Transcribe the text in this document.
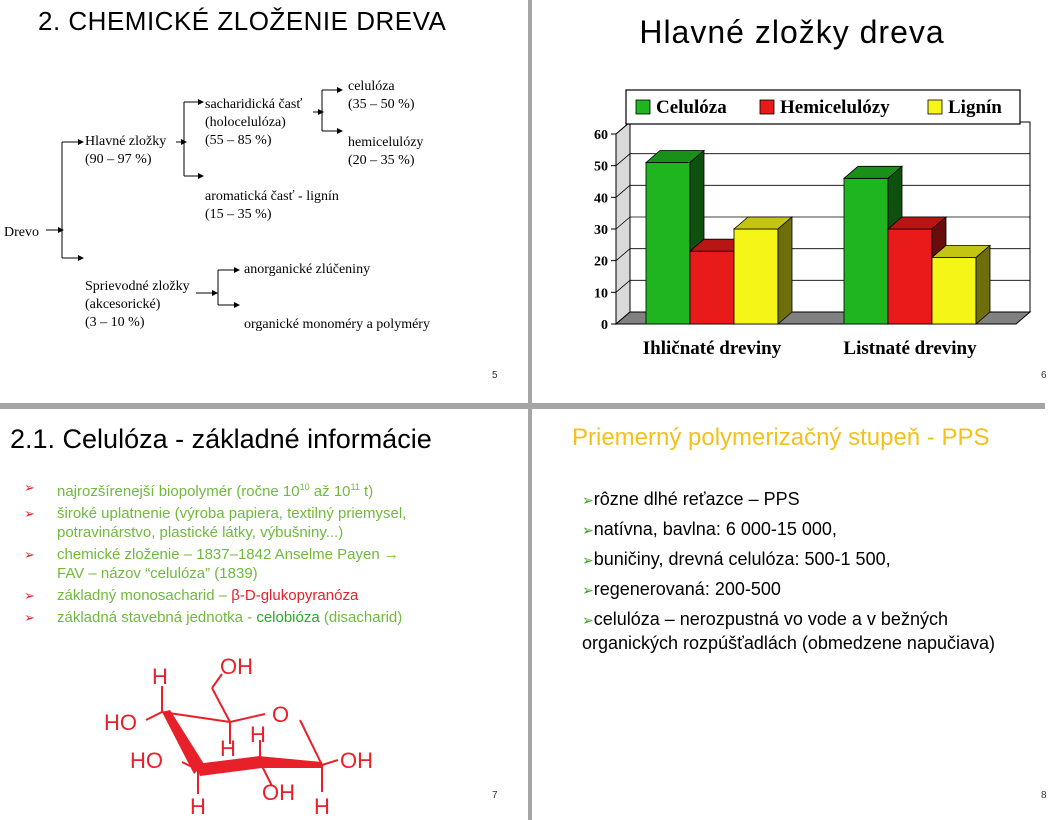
2. CHEMICKÉ ZLOŽENIE DREVA
Drevo
Hlavné zložky
(90 – 97 %)
sacharidická časť
(holocelulóza)
(55 – 85 %)
celulóza
(35 – 50 %)
hemicelulózy
(20 – 35 %)
aromatická časť - lignín
(15 – 35 %)
Sprievodné zložky
(akcesorické)
(3 – 10 %)
anorganické zlúčeniny
organické monoméry a polyméry
5
Hlavné zložky dreva
0
10
20
30
40
50
60
Ihličnaté dreviny	Listnaté dreviny
Celulóza	Hemicelulózy	Lignín
6
2.1. Celulóza - základné informácie
➢ najrozšírenejší biopolymér (ročne $10^{10}$ až $10^{11}$ t)
➢ široké uplatnenie (výroba papiera, textilný priemysel,
potravinárstvo, plastické látky, výbušniny...)
➢ chemické zloženie – 1837–1842 Anselme Payen →
FAV – názov “celulóza” (1839)
➢ základný monosacharid – β-D-glukopyranóza
➢ základná stavebná jednotka - celobióza (disacharid)
OH
H
HO	O
H
H
HO	OH
H
OH
H	7
Priemerný polymerizačný stupeň - PPS
➢rôzne dlhé reťazce – PPS
➢natívna, bavlna: 6 000-15 000,
➢buničiny, drevná celulóza: 500-1 500,
➢regenerovaná: 200-500
➢celulóza – nerozpustná vo vode a v bežných
organických rozpúšťadlách (obmedzene napučiava)
8
